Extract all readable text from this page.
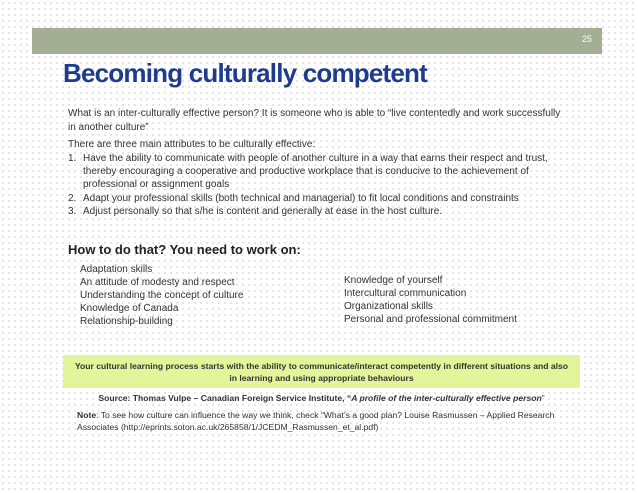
25
Becoming culturally competent

What is an inter-culturally effective person? It is someone who is able to “live contentedly and work successfully in another culture”

There are three main attributes to be culturally effective:

1. Have the ability to communicate with people of another culture in a way that earns their respect and trust, thereby encouraging a cooperative and productive workplace that is conducive to the achievement of professional or assignment goals
2. Adapt your professional skills (both technical and managerial) to fit local conditions and constraints
3. Adjust personally so that s/he is content and generally at ease in the host culture.
How to do that? You need to work on:
Adaptation skills
An attitude of modesty and respect
Understanding the concept of culture
Knowledge of Canada
Relationship-building
Knowledge of yourself
Intercultural communication
Organizational skills
Personal and professional commitment
Your cultural learning process starts with the ability to communicate/interact competently in different situations and also in learning and using appropriate behaviours
Source: Thomas Vulpe – Canadian Foreign Service Institute, “A profile of the inter-culturally effective person”
Note: To see how culture can influence the way we think, check “What’s a good plan? Louise Rasmussen – Applied Research Associates (http://eprints.soton.ac.uk/265858/1/JCEDM_Rasmussen_et_al.pdf)
